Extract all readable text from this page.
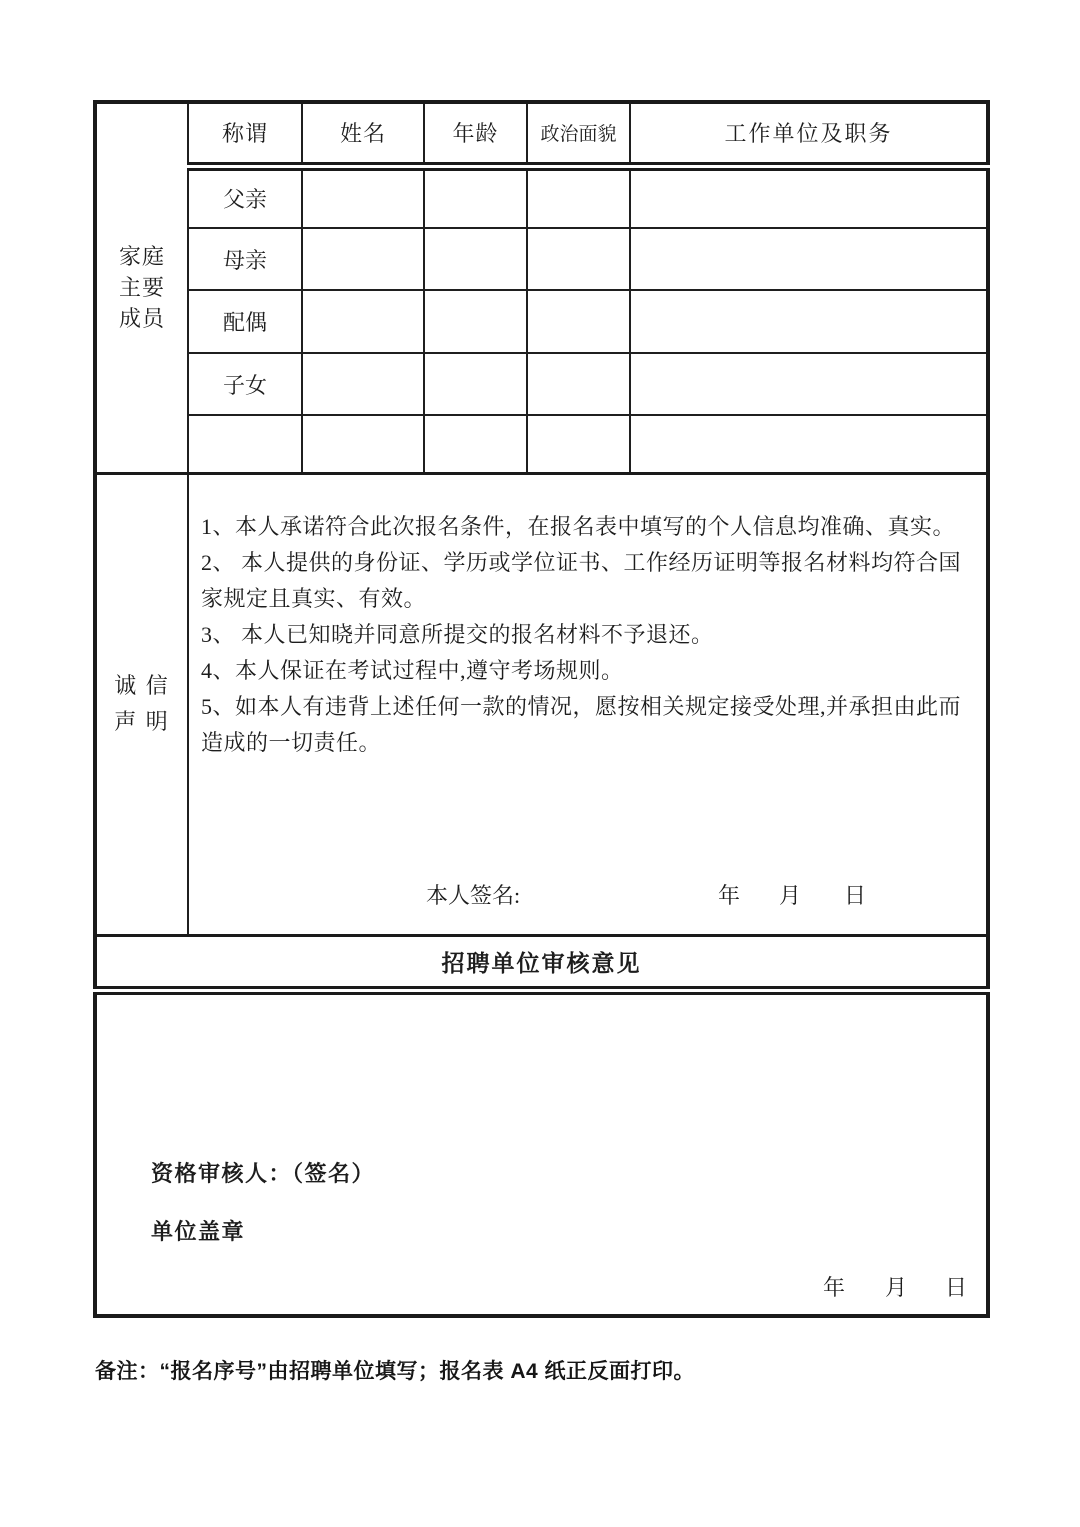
家庭
主要
成员	称谓	姓名	年龄	政治面貌	工作单位及职务
	父亲				
	母亲				
	配偶				
	子女				

诚 信
声 明

1、本人承诺符合此次报名条件，在报名表中填写的个人信息均准确、真实。

2、 本人提供的身份证、学历或学位证书、工作经历证明等报名材料均符合国家规定且真实、有效。

3、 本人已知晓并同意所提交的报名材料不予退还。

4、本人保证在考试过程中,遵守考场规则。

5、如本人有违背上述任何一款的情况，愿按相关规定接受处理,并承担由此而造成的一切责任。

本人签名:	年 月 日

招聘单位审核意见					

资格审核人：（签名）
单位盖章
年 月 日					
备注：“报名序号”由招聘单位填写；报名表 A4 纸正反面打印。
